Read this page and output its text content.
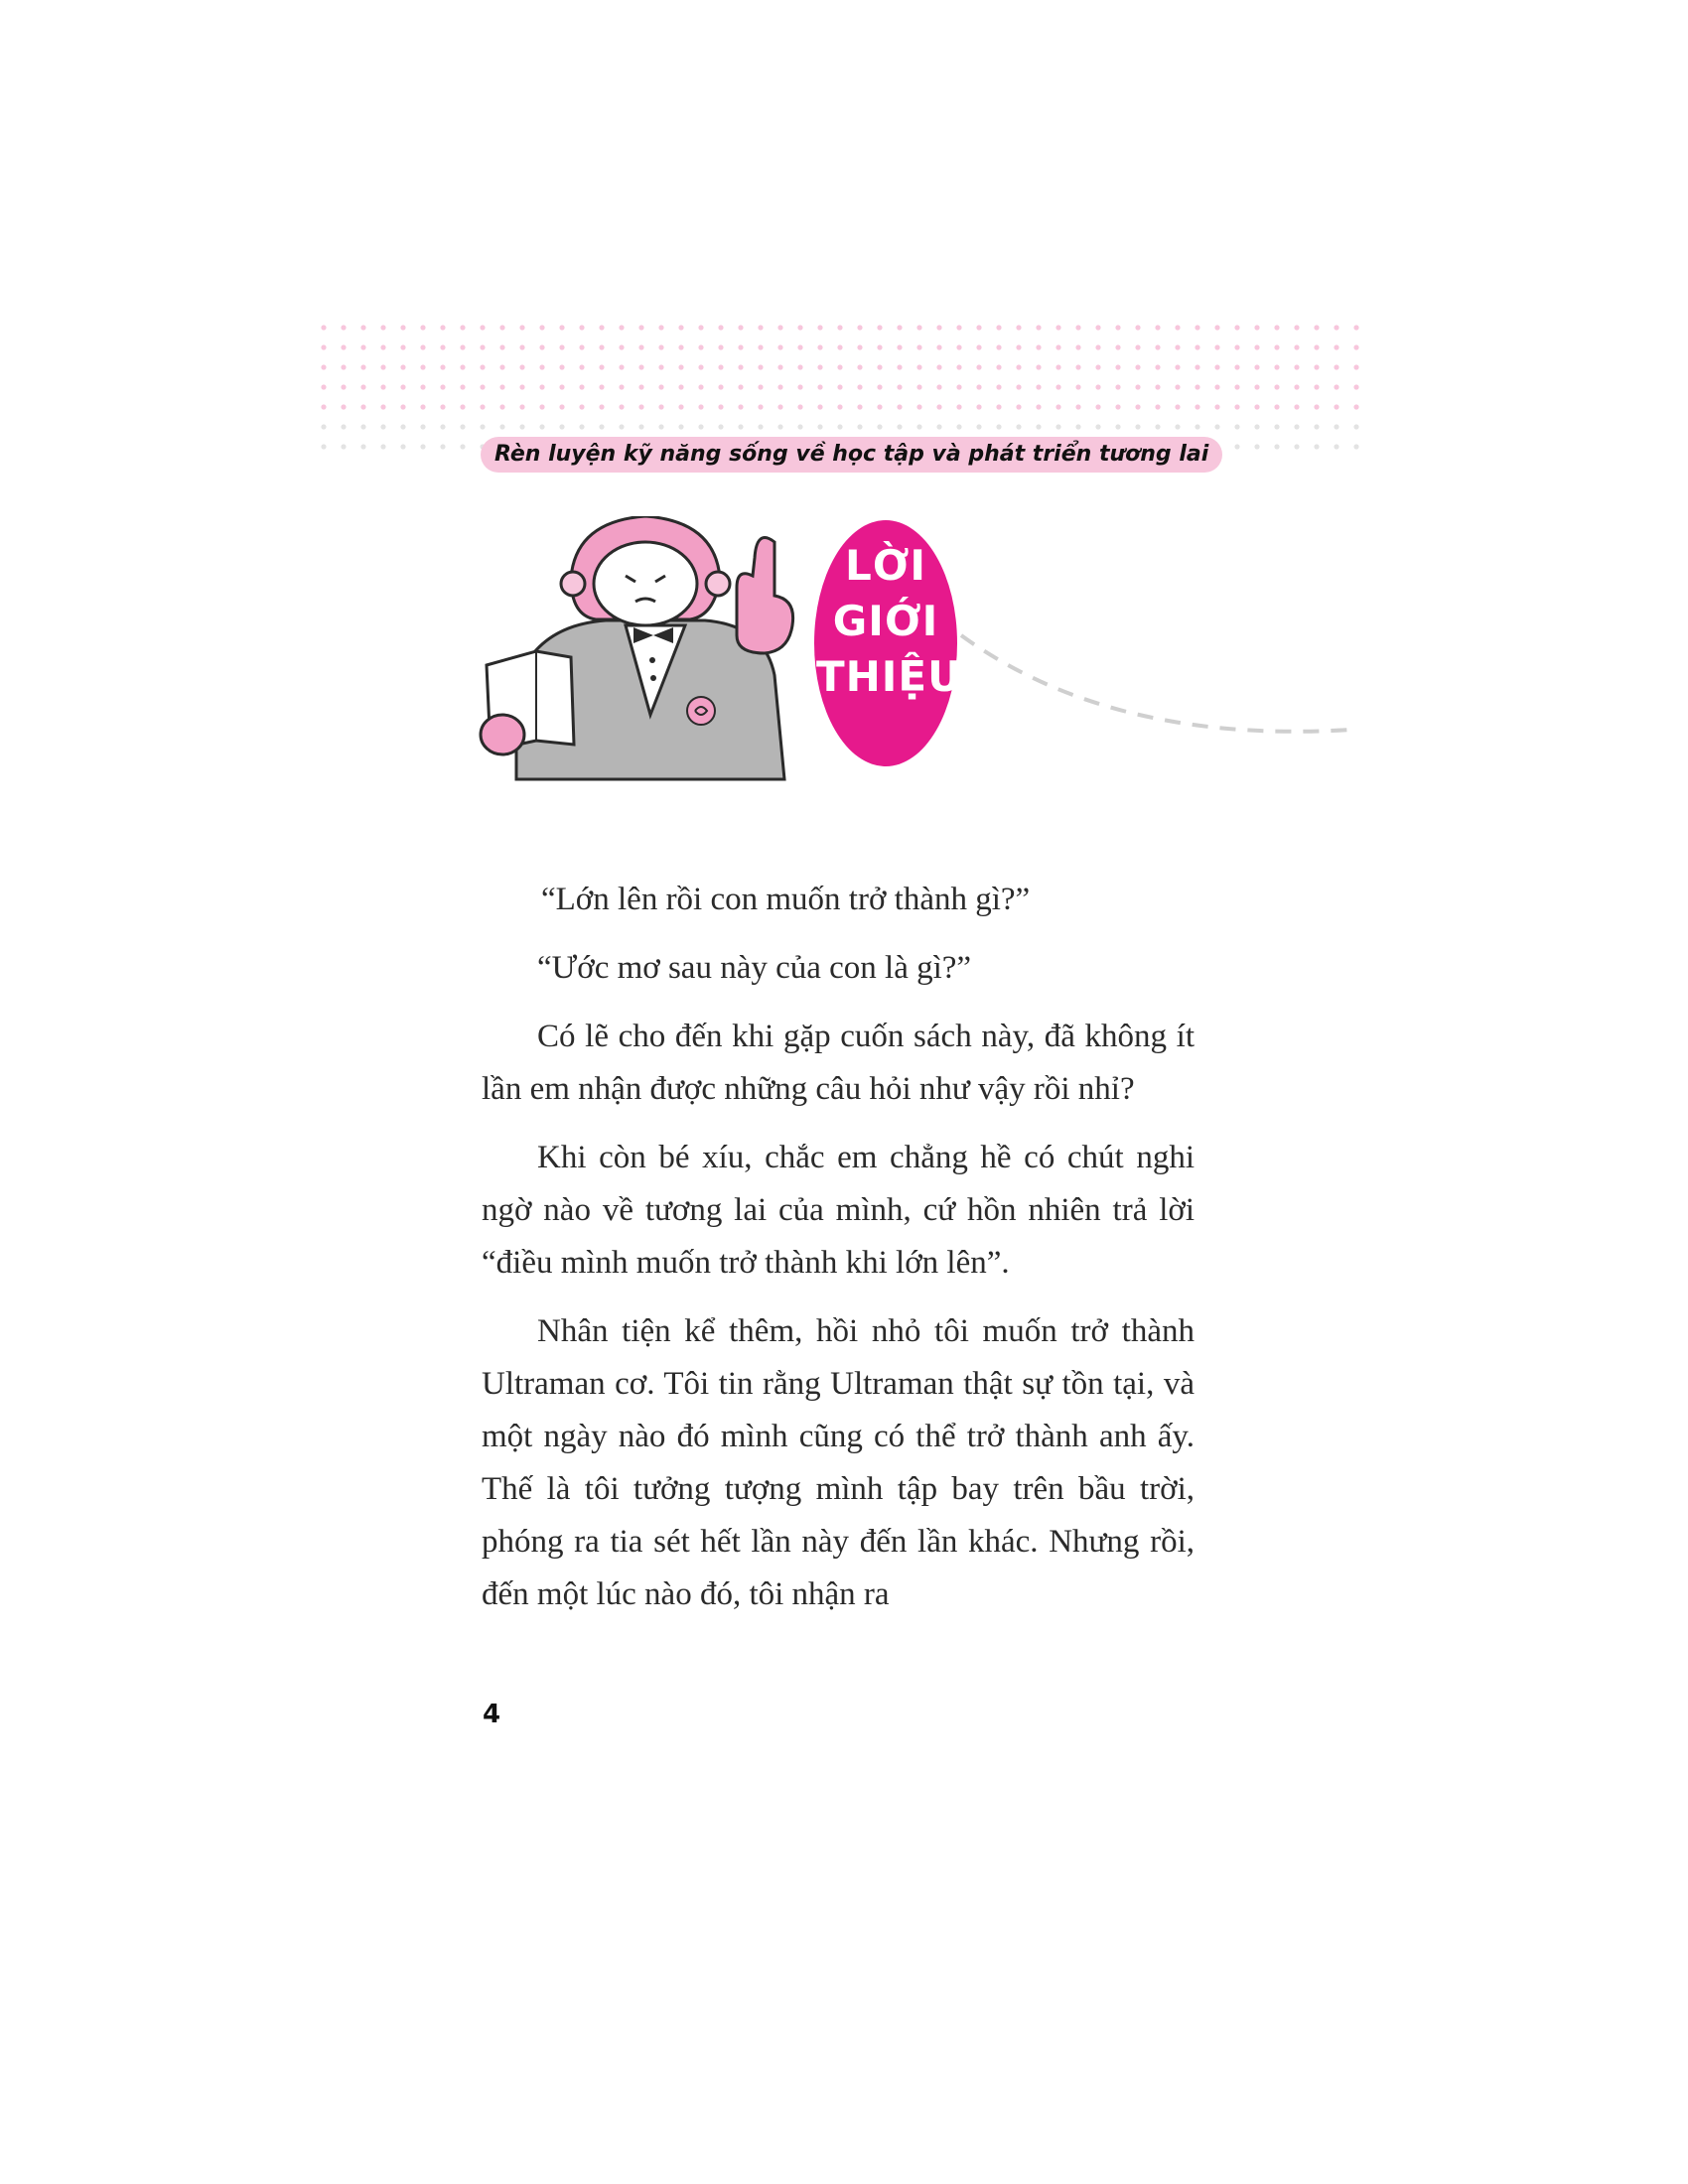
Rèn luyện kỹ năng sống về học tập và phát triển tương lai
LỜI
GIỚI
THIỆU

“Lớn lên rồi con muốn trở thành gì?”

“Ước mơ sau này của con là gì?”

Có lẽ cho đến khi gặp cuốn sách này, đã không ít lần em nhận được những câu hỏi như vậy rồi nhỉ?

Khi còn bé xíu, chắc em chẳng hề có chút nghi ngờ nào về tương lai của mình, cứ hồn nhiên trả lời “điều mình muốn trở thành khi lớn lên”.

Nhân tiện kể thêm, hồi nhỏ tôi muốn trở thành Ultraman cơ. Tôi tin rằng Ultraman thật sự tồn tại, và một ngày nào đó mình cũng có thể trở thành anh ấy. Thế là tôi tưởng tượng mình tập bay trên bầu trời, phóng ra tia sét hết lần này đến lần khác. Nhưng rồi, đến một lúc nào đó, tôi nhận ra

4
